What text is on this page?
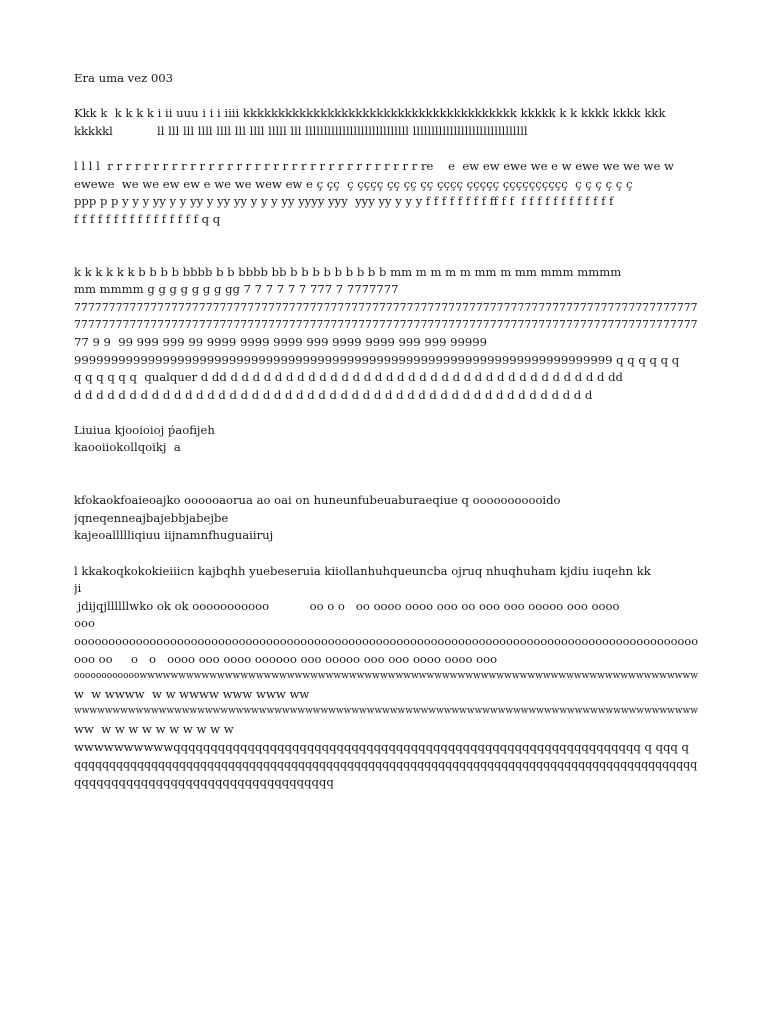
Era uma vez 003
Kkk k  k k k k i ii uuu i i i iiii kkkkkkkkkkkkkkkkkkkkkkkkkkkkkkkkkkkkkkk kkkkk k k kkkk kkkk kkk
kkkkkl            ll lll lll llll llll lll llll lllll lll llllllllllllllllllllllllllll lllllllllllllllllllllllllllllll
l l l l  r r r r r r r r r r r r r r r r r r r r r r r r r r r r r r r r r r re    e  ew ew ewe we e w ewe we we we w
ewewe  we we ew ew e we we wew ew e ç çç  ç çççç çç çç çç çççç ççççç çççççççççç  ç ç ç ç ç ç
ppp p p y y y yy y y yy y yy yy y y y yy yyyy yyy  yyy yy y y y f f f f f f f f ff f f  f f f f f f f f f f f f
f f f f f f f f f f f f f f f f q q
k k k k k k b b b b bbbb b b bbbb bb b b b b b b b b b mm m m m m mm m mm mmm mmmm
mm mmmm g g g g g g g gg 7 7 7 7 7 7 777 7 7777777
777777777777777777777777777777777777777777777777777777777777777777777777777777777777777777
777777777777777777777777777777777777777777777777777777777777777777777777777777777777777777
77 9 9  99 999 999 99 9999 9999 9999 999 9999 9999 999 999 99999
9999999999999999999999999999999999999999999999999999999999999999999999999 q q q q q q
q q q q q q  qualquer d dd d d d d d d d d d d d d d d d d d d d d d d d d d d d d d d d d d d dd
d d d d d d d d d d d d d d d d d d d d d d d d d d d d d d d d d d d d d d d d d d d d d d d
Liuiua kjooioioj ṕaofijeh
kaooiiokollqoikj  a
kfokaokfoaieoajko oooooaorua ao oai on huneunfubeuaburaeqiue q ooooooooooido
jqneqenneajbajebbjabejbe
kajeoallllliqiuu iijnamnfhuguaiiruj
l kkakoqkokokieiiicn kajbqhh yuebeseruia kiiollanhuhqueuncba ojruq nhuqhuham kjdiu iuqehn kk
ji
jdijqjllllllwko ok ok ooooooooooo           oo o o   oo oooo oooo ooo oo ooo ooo ooooo ooo oooo
ooo
ooooooooooooooooooooooooooooooooooooooooooooooooooooooooooooooooooooooooooooooooooooooooooo
ooo oo     o   o   oooo ooo oooo oooooo ooo ooooo ooo ooo oooo oooo ooo
oooooooooooowwwwwwwwwwwwwwwwwwwwwwwwwwwwwwwwwwwwwwwwwwwwwwwwwwwwwwwwwwwwwwwwwwwwwwww
w  w wwww  w w wwww www www ww
wwwwwwwwwwwwwwwwwwwwwwwwwwwwwwwwwwwwwwwwwwwwwwwwwwwwwwwwwwwwwwwwwwwwwwwwwwwwwwwww
ww  w w w w w w w w w w
wwwwwwwwwwqqqqqqqqqqqqqqqqqqqqqqqqqqqqqqqqqqqqqqqqqqqqqqqqqqqqqqqqqqqqqqq q qqq q
qqqqqqqqqqqqqqqqqqqqqqqqqqqqqqqqqqqqqqqqqqqqqqqqqqqqqqqqqqqqqqqqqqqqqqqqqqqqqqqqqqqqqqqqq
qqqqqqqqqqqqqqqqqqqqqqqqqqqqqqqqqqq
